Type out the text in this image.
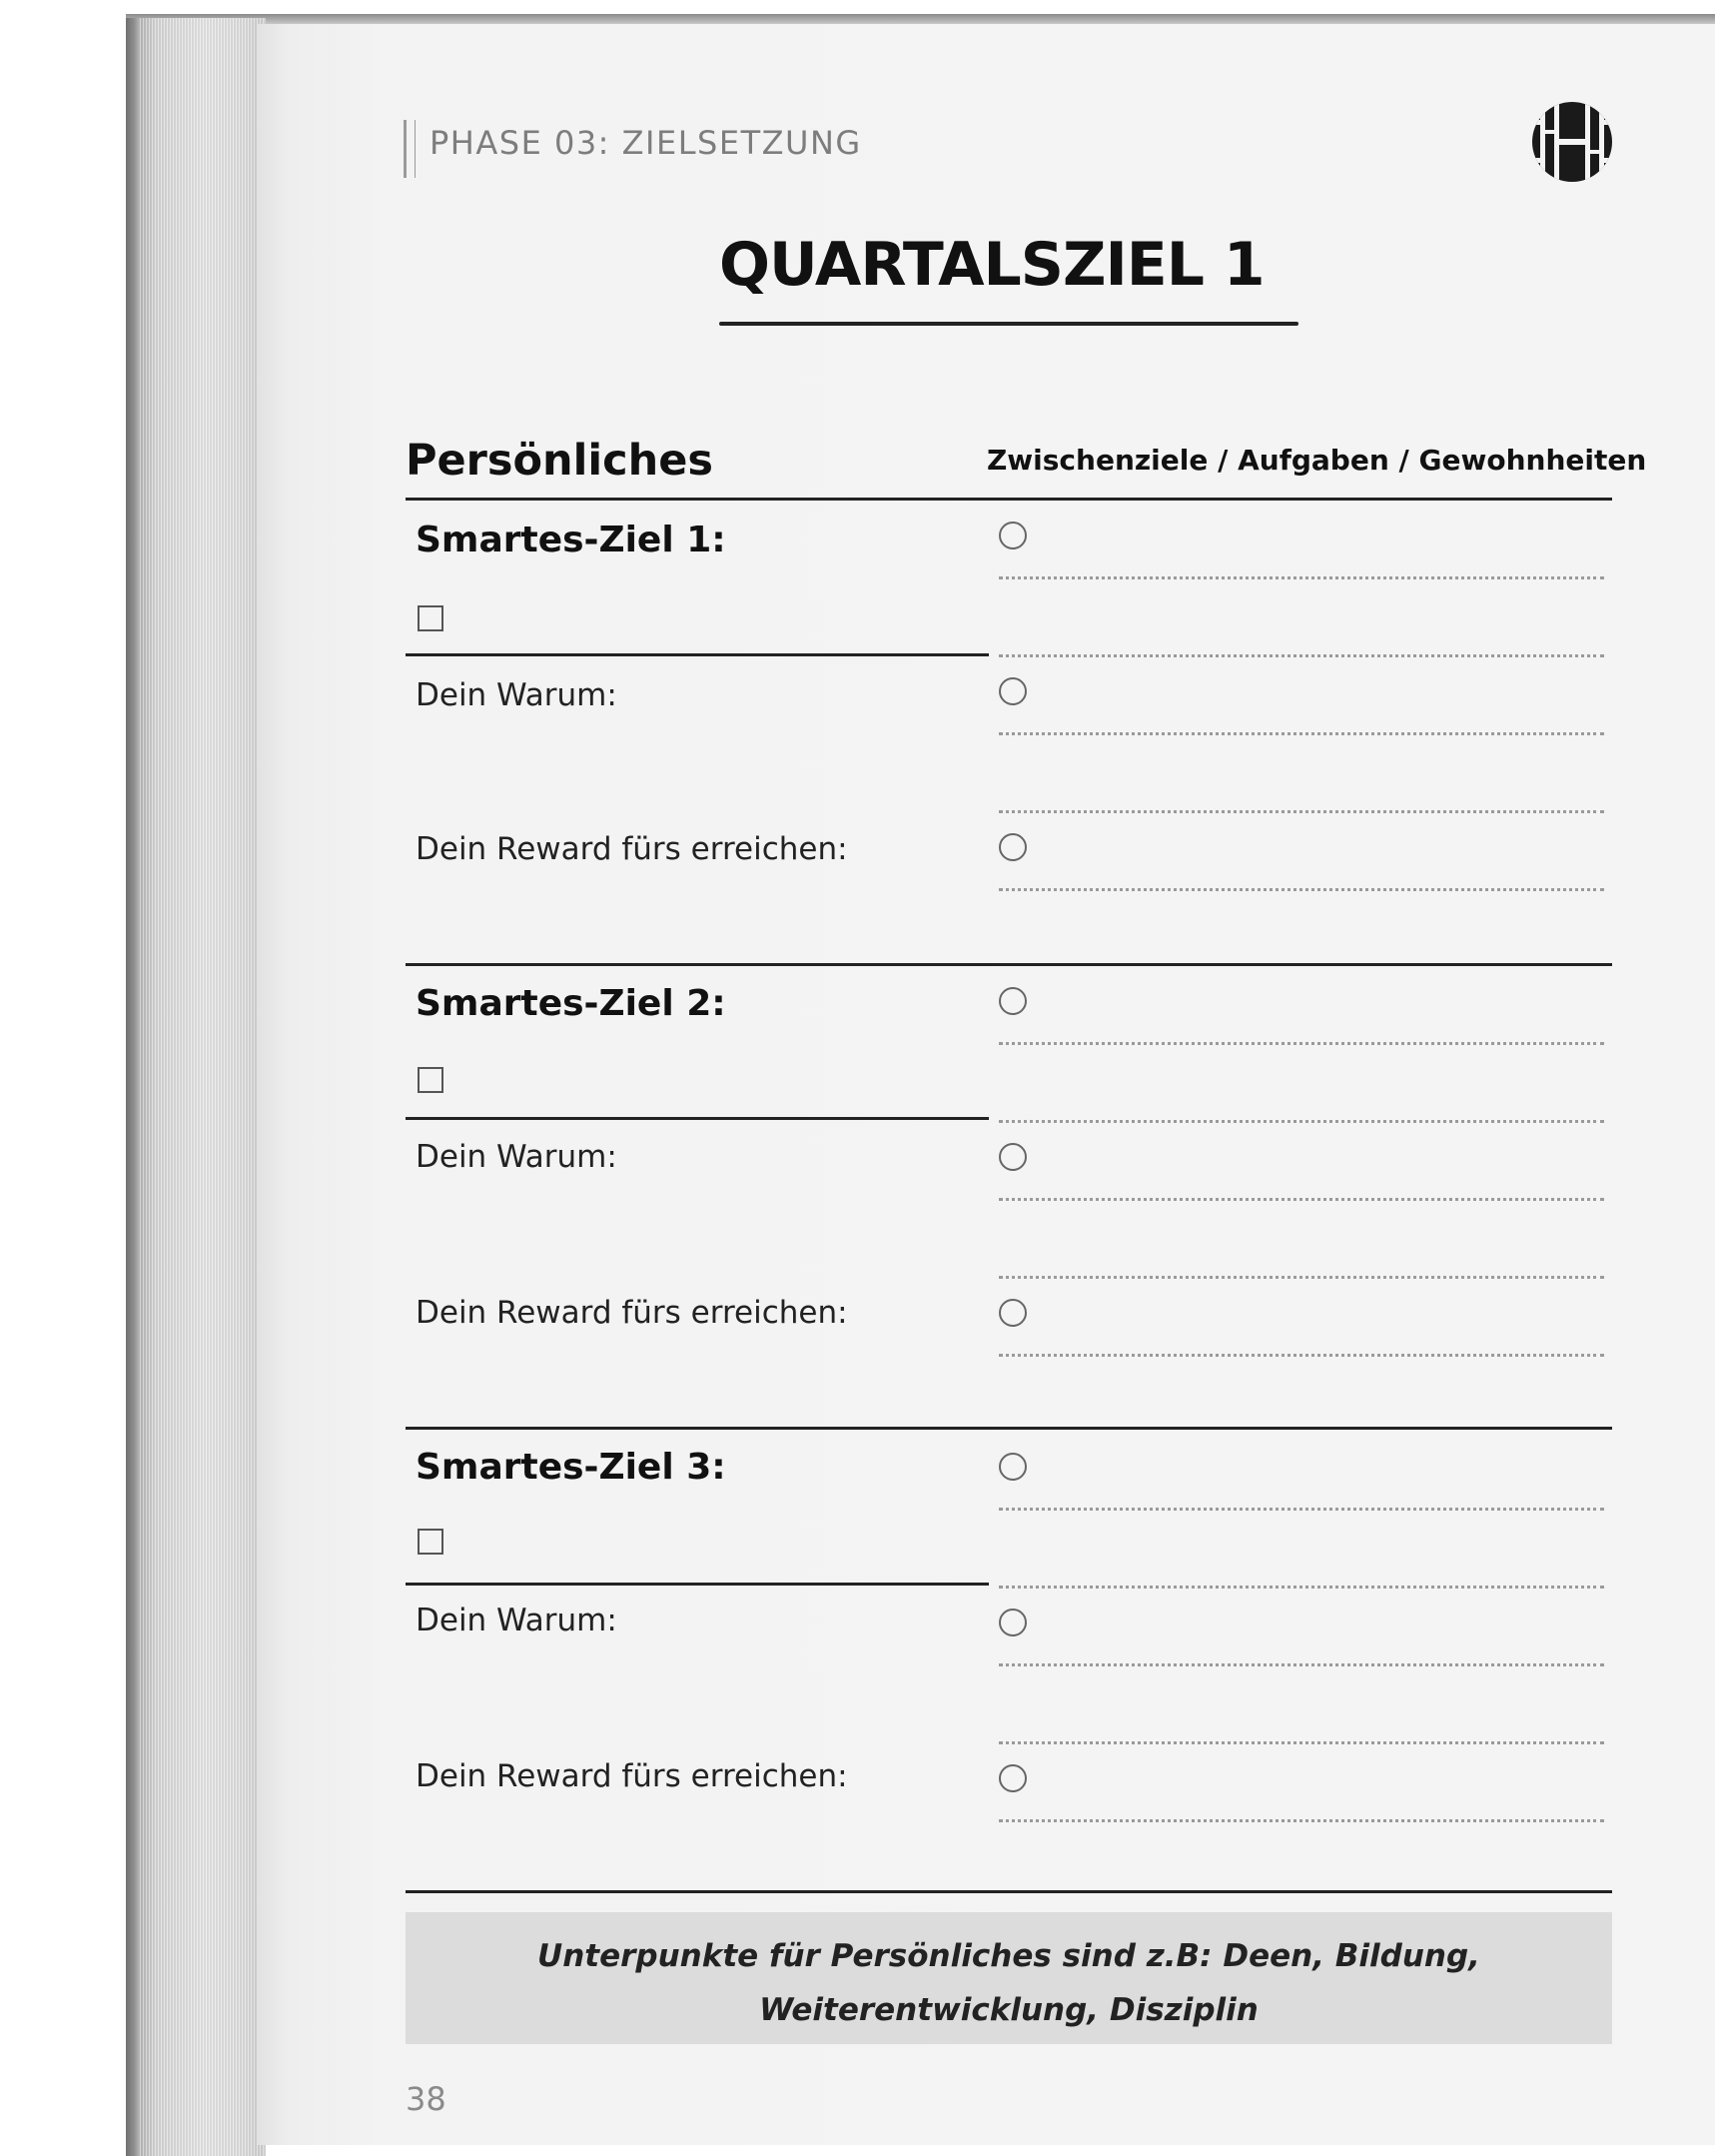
PHASE 03: ZIELSETZUNG
QUARTALSZIEL 1
Persönliches	Zwischenziele / Aufgaben / Gewohnheiten
Smartes-Ziel 1:
Dein Warum:
Dein Reward fürs erreichen:
Smartes-Ziel 2:
Dein Warum:
Dein Reward fürs erreichen:
Smartes-Ziel 3:
Dein Warum:
Dein Reward fürs erreichen:
Unterpunkte für Persönliches sind z.B: Deen, Bildung,
Weiterentwicklung, Disziplin
38
